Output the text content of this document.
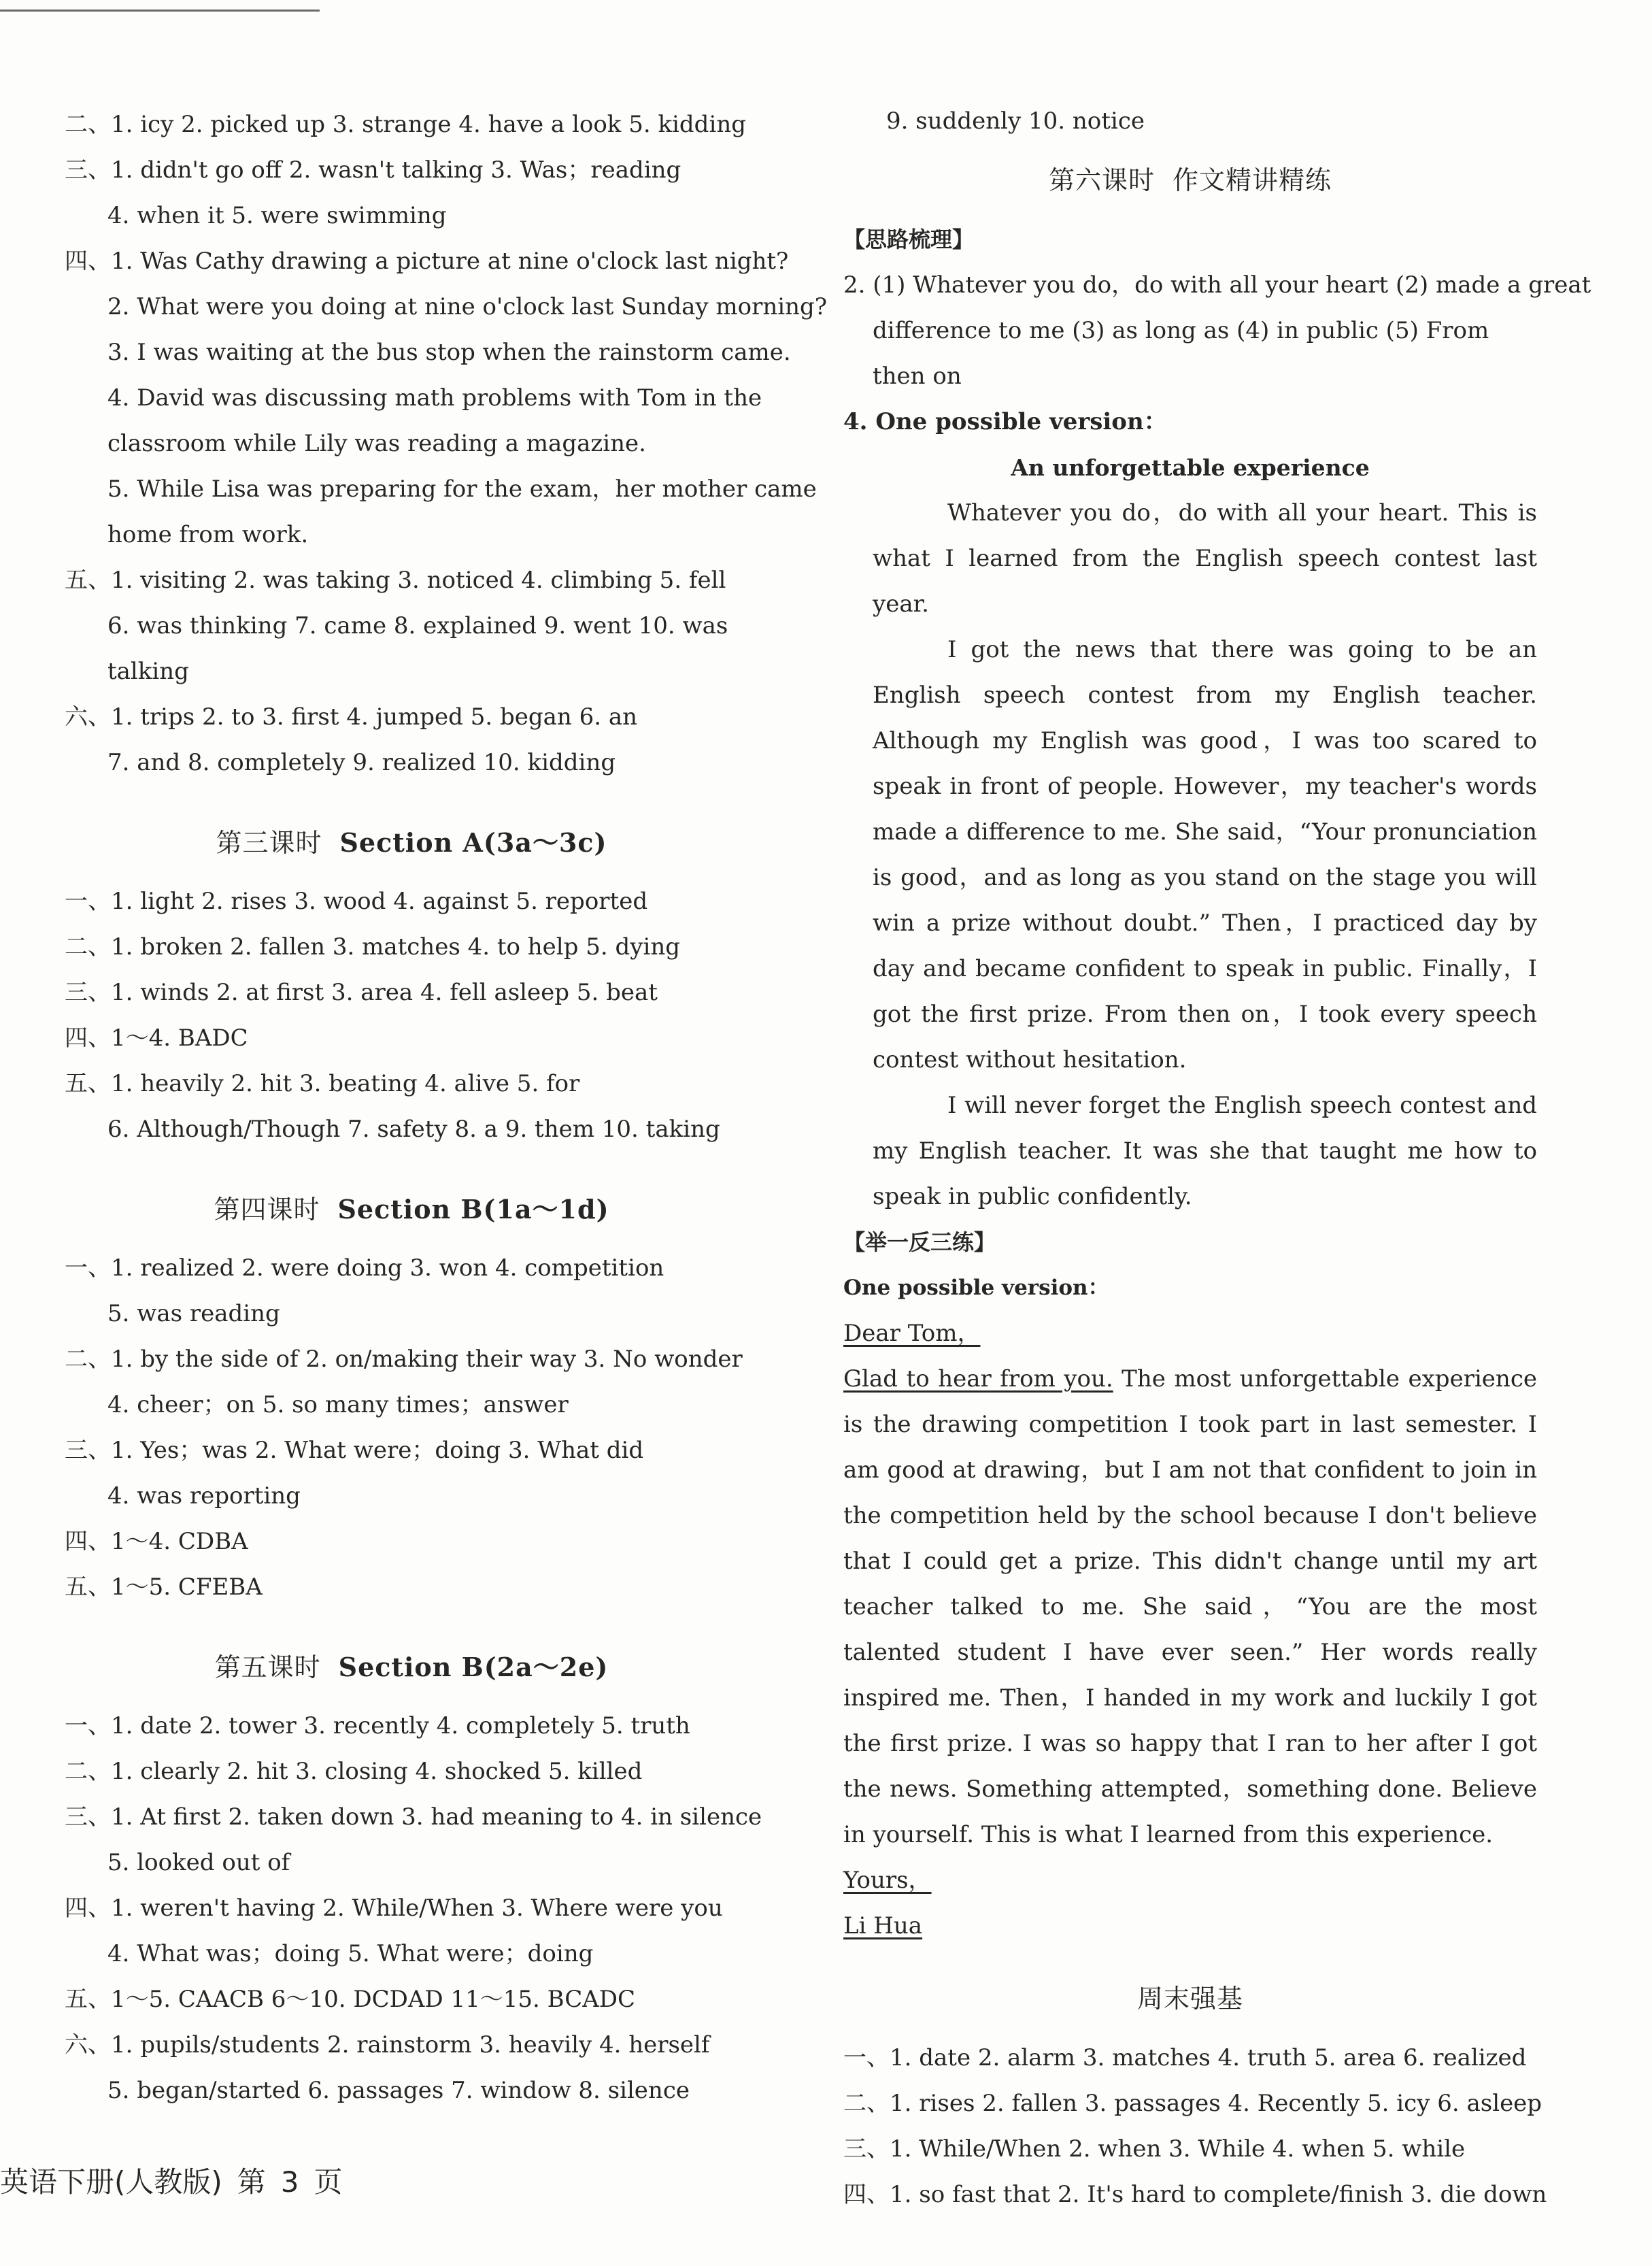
二、1. icy 2. picked up 3. strange 4. have a look 5. kidding
三、1. didn't go off 2. wasn't talking 3. Was；reading
4. when it 5. were swimming
四、1. Was Cathy drawing a picture at nine o'clock last night?
2. What were you doing at nine o'clock last Sunday morning?
3. I was waiting at the bus stop when the rainstorm came.
4. David was discussing math problems with Tom in the
classroom while Lily was reading a magazine.
5. While Lisa was preparing for the exam，her mother came
home from work.
五、1. visiting 2. was taking 3. noticed 4. climbing 5. fell
6. was thinking 7. came 8. explained 9. went 10. was
talking
六、1. trips 2. to 3. first 4. jumped 5. began 6. an
7. and 8. completely 9. realized 10. kidding
第三课时 Section A(3a～3c)
一、1. light 2. rises 3. wood 4. against 5. reported
二、1. broken 2. fallen 3. matches 4. to help 5. dying
三、1. winds 2. at first 3. area 4. fell asleep 5. beat
四、1～4. BADC
五、1. heavily 2. hit 3. beating 4. alive 5. for
6. Although/Though 7. safety 8. a 9. them 10. taking
第四课时 Section B(1a～1d)
一、1. realized 2. were doing 3. won 4. competition
5. was reading
二、1. by the side of 2. on/making their way 3. No wonder
4. cheer；on 5. so many times；answer
三、1. Yes；was 2. What were；doing 3. What did
4. was reporting
四、1～4. CDBA
五、1～5. CFEBA
第五课时 Section B(2a～2e)
一、1. date 2. tower 3. recently 4. completely 5. truth
二、1. clearly 2. hit 3. closing 4. shocked 5. killed
三、1. At first 2. taken down 3. had meaning to 4. in silence
5. looked out of
四、1. weren't having 2. While/When 3. Where were you
4. What was；doing 5. What were；doing
五、1～5. CAACB 6～10. DCDAD 11～15. BCADC
六、1. pupils/students 2. rainstorm 3. heavily 4. herself
5. began/started 6. passages 7. window 8. silence
9. suddenly 10. notice
第六课时 作文精讲精练
【思路梳理】
2. (1) Whatever you do，do with all your heart (2) made a great
difference to me (3) as long as (4) in public (5) From
then on
4. One possible version：
An unforgettable experience
Whatever you do，do with all your heart. This is what I learned from the English speech contest last year.
I got the news that there was going to be an English speech contest from my English teacher. Although my English was good，I was too scared to speak in front of people. However，my teacher's words made a difference to me. She said，“Your pronunciation is good，and as long as you stand on the stage you will win a prize without doubt.” Then，I practiced day by day and became confident to speak in public. Finally，I got the first prize. From then on，I took every speech contest without hesitation.
I will never forget the English speech contest and my English teacher. It was she that taught me how to speak in public confidently.
【举一反三练】
One possible version：
Dear Tom，
Glad to hear from you. The most unforgettable experience is the drawing competition I took part in last semester. I am good at drawing，but I am not that confident to join in the competition held by the school because I don't believe that I could get a prize. This didn't change until my art teacher talked to me. She said，“You are the most talented student I have ever seen.” Her words really inspired me. Then，I handed in my work and luckily I got the first prize. I was so happy that I ran to her after I got the news. Something attempted，something done. Believe in yourself. This is what I learned from this experience.
Yours，
Li Hua
周末强基
一、1. date 2. alarm 3. matches 4. truth 5. area 6. realized
二、1. rises 2. fallen 3. passages 4. Recently 5. icy 6. asleep
三、1. While/When 2. when 3. While 4. when 5. while
四、1. so fast that 2. It's hard to complete/finish 3. die down
英语下册(人教版) 第 3 页
